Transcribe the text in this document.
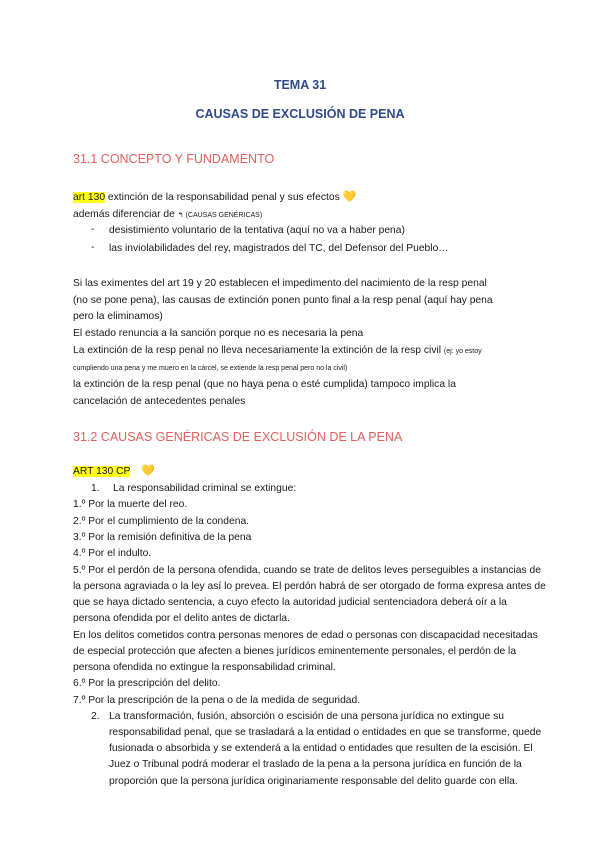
TEMA 31
CAUSAS DE EXCLUSIÓN DE PENA
31.1 CONCEPTO Y FUNDAMENTO
art 130 extinción de la responsabilidad penal y sus efectos 💛
además diferenciar de ↰ (CAUSAS GENÉRICAS)
- desistimiento voluntario de la tentativa (aquí no va a haber pena)
- las inviolabilidades del rey, magistrados del TC, del Defensor del Pueblo…
Si las eximentes del art 19 y 20 establecen el impedimento del nacimiento de la resp penal
(no se pone pena), las causas de extinción ponen punto final a la resp penal (aquí hay pena
pero la eliminamos)
El estado renuncia a la sanción porque no es necesaria la pena
La extinción de la resp penal no lleva necesariamente la extinción de la resp civil (ej: yo estoy
cumpliendo una pena y me muero en la cárcel, se extiende la resp penal pero no la civil)
la extinción de la resp penal (que no haya pena o esté cumplida) tampoco implica la
cancelación de antecedentes penales
31.2 CAUSAS GENÉRICAS DE EXCLUSIÓN DE LA PENA
ART 130 CP 💛
1. La responsabilidad criminal se extingue:
1.º Por la muerte del reo.
2.º Por el cumplimiento de la condena.
3.º Por la remisión definitiva de la pena
4.º Por el indulto.
5.º Por el perdón de la persona ofendida, cuando se trate de delitos leves perseguibles a instancias de
la persona agraviada o la ley así lo prevea. El perdón habrá de ser otorgado de forma expresa antes de
que se haya dictado sentencia, a cuyo efecto la autoridad judicial sentenciadora deberá oír a la
persona ofendida por el delito antes de dictarla.
En los delitos cometidos contra personas menores de edad o personas con discapacidad necesitadas
de especial protección que afecten a bienes jurídicos eminentemente personales, el perdón de la
persona ofendida no extingue la responsabilidad criminal.
6.º Por la prescripción del delito.
7.º Por la prescripción de la pena o de la medida de seguridad.
2. La transformación, fusión, absorción o escisión de una persona jurídica no extingue su
responsabilidad penal, que se trasladará a la entidad o entidades en que se transforme, quede
fusionada o absorbida y se extenderá a la entidad o entidades que resulten de la escisión. El
Juez o Tribunal podrá moderar el traslado de la pena a la persona jurídica en función de la
proporción que la persona jurídica originariamente responsable del delito guarde con ella.
